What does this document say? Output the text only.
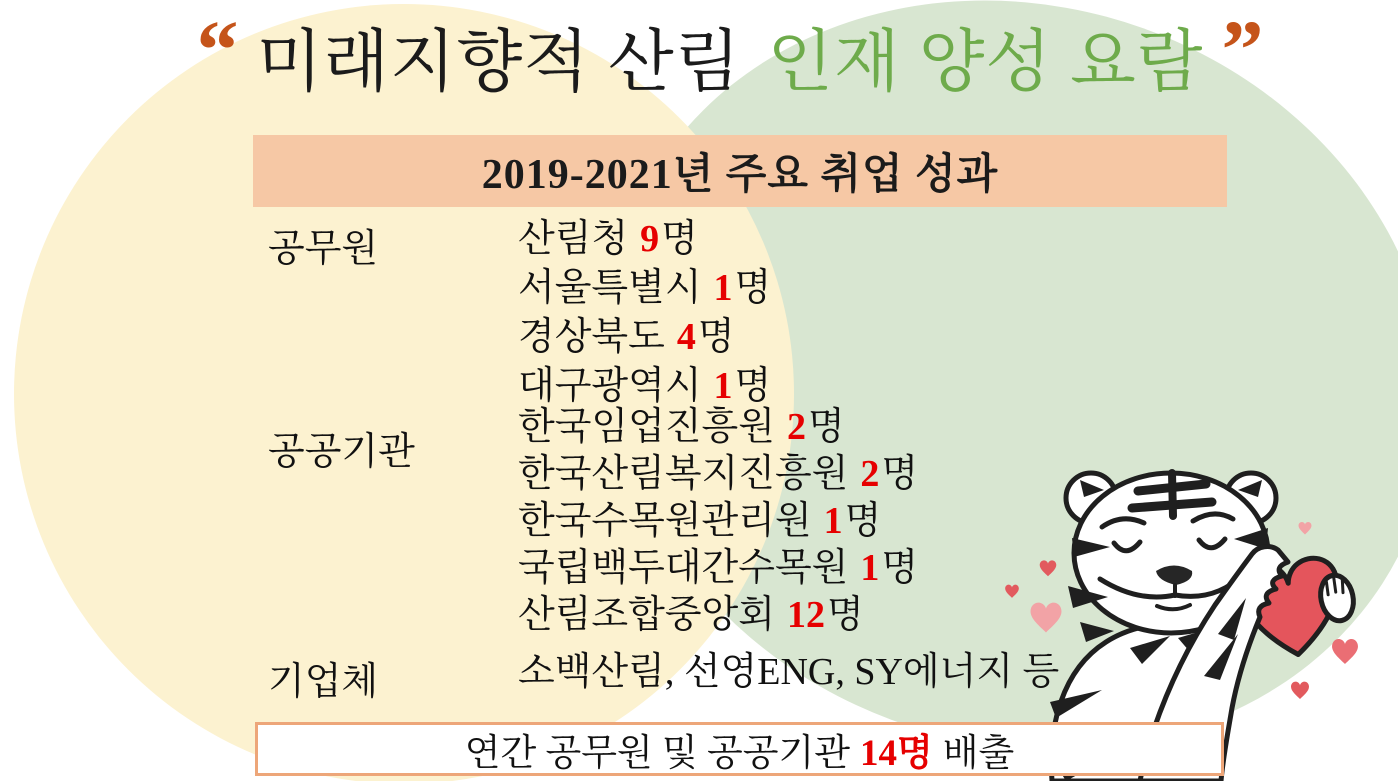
“ 미래지향적 산림 인재 양성 요람 ”
2019-2021년 주요 취업 성과
공무원	산림청 9명
서울특별시 1명
경상북도 4명
대구광역시 1명
공공기관
한국임업진흥원 2명
한국산림복지진흥원 2명
한국수목원관리원 1명
국립백두대간수목원 1명
산림조합중앙회 12명
기업체	소백산림, 선영ENG, SY에너지 등
연간 공무원 및 공공기관 14명 배출
